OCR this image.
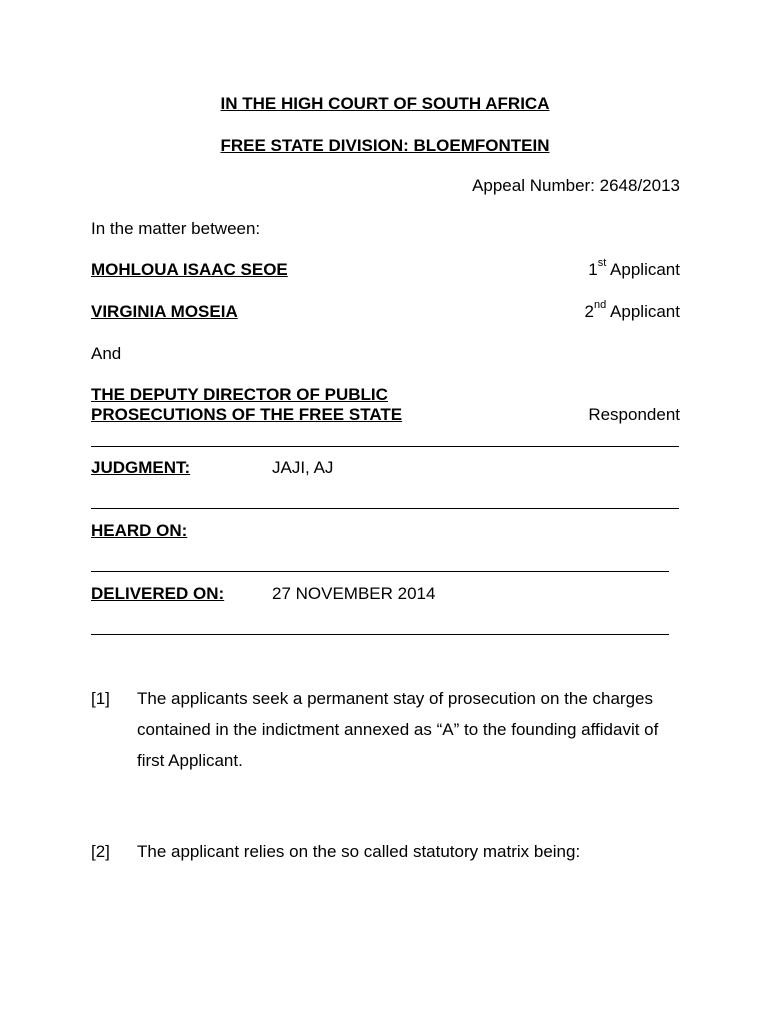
IN THE HIGH COURT OF SOUTH AFRICA
FREE STATE DIVISION: BLOEMFONTEIN
Appeal Number: 2648/2013
In the matter between:
MOHLOUA ISAAC SEOE	1st Applicant
VIRGINIA MOSEIA	2nd Applicant
And
THE DEPUTY DIRECTOR OF PUBLIC
PROSECUTIONS OF THE FREE STATE	Respondent
JUDGMENT:	JAJI, AJ
HEARD ON:
DELIVERED ON:	27 NOVEMBER 2014
[1] The applicants seek a permanent stay of prosecution on the charges contained in the indictment annexed as “A” to the founding affidavit of first Applicant.
[2] The applicant relies on the so called statutory matrix being:
